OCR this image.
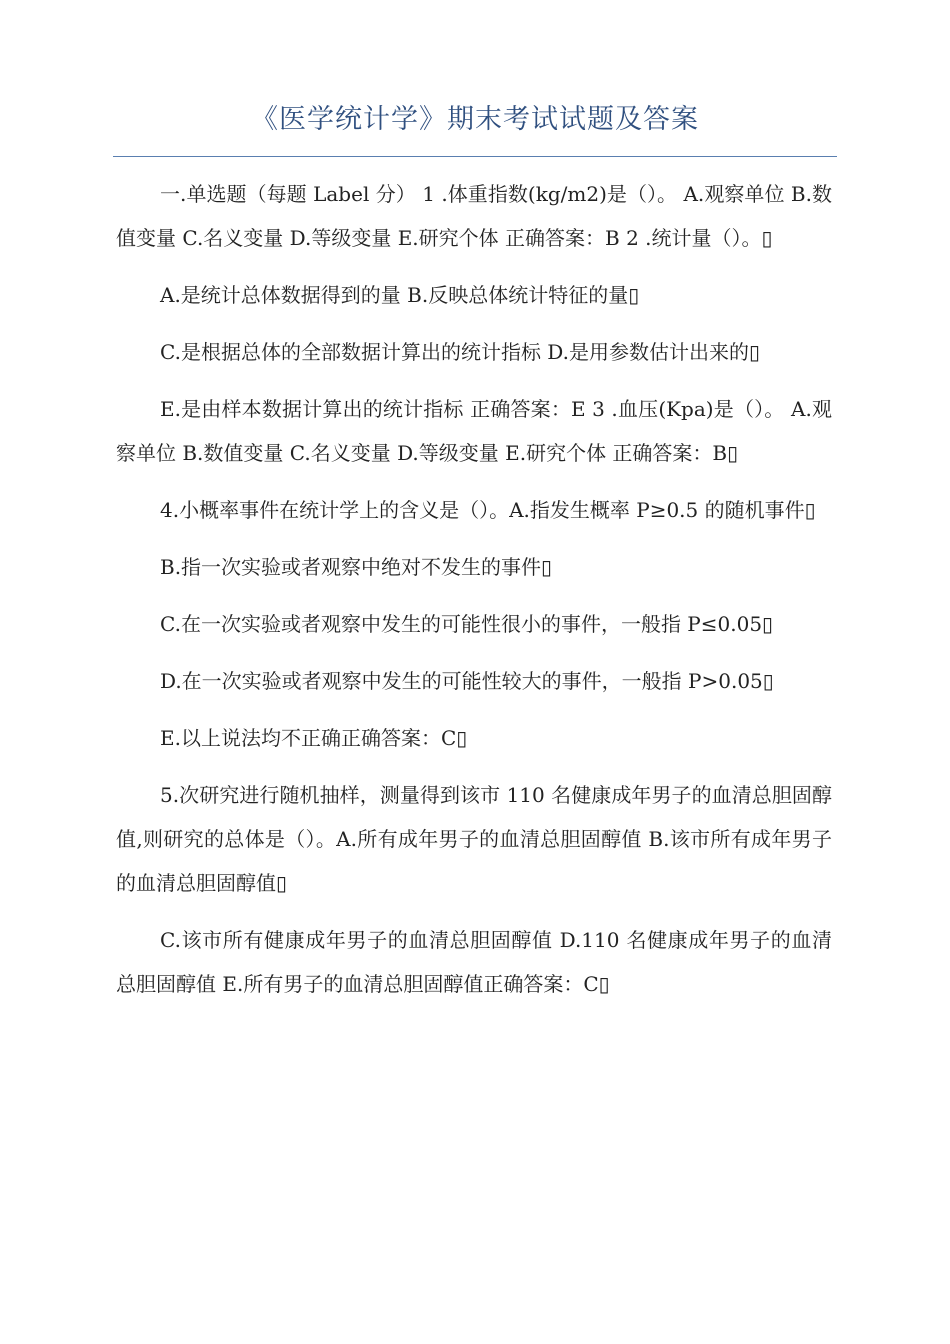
《医学统计学》期末考试试题及答案

一.单选题（每题 Label 分） 1 .体重指数(kg/m2)是（）。 A.观察单位 B.数值变量 C.名义变量 D.等级变量 E.研究个体 正确答案：B 2 .统计量（）。▯

A.是统计总体数据得到的量 B.反映总体统计特征的量▯

C.是根据总体的全部数据计算出的统计指标 D.是用参数估计出来的▯

E.是由样本数据计算出的统计指标 正确答案：E 3 .血压(Kpa)是（）。 A.观察单位 B.数值变量 C.名义变量 D.等级变量 E.研究个体 正确答案：B▯

4.小概率事件在统计学上的含义是（）。A.指发生概率 P≥0.5 的随机事件▯

B.指一次实验或者观察中绝对不发生的事件▯

C.在一次实验或者观察中发生的可能性很小的事件，一般指 P≤0.05▯

D.在一次实验或者观察中发生的可能性较大的事件，一般指 P>0.05▯

E.以上说法均不正确正确答案：C▯

5.次研究进行随机抽样，测量得到该市 110 名健康成年男子的血清总胆固醇值,则研究的总体是（）。A.所有成年男子的血清总胆固醇值 B.该市所有成年男子的血清总胆固醇值▯

C.该市所有健康成年男子的血清总胆固醇值 D.110 名健康成年男子的血清总胆固醇值 E.所有男子的血清总胆固醇值正确答案：C▯
